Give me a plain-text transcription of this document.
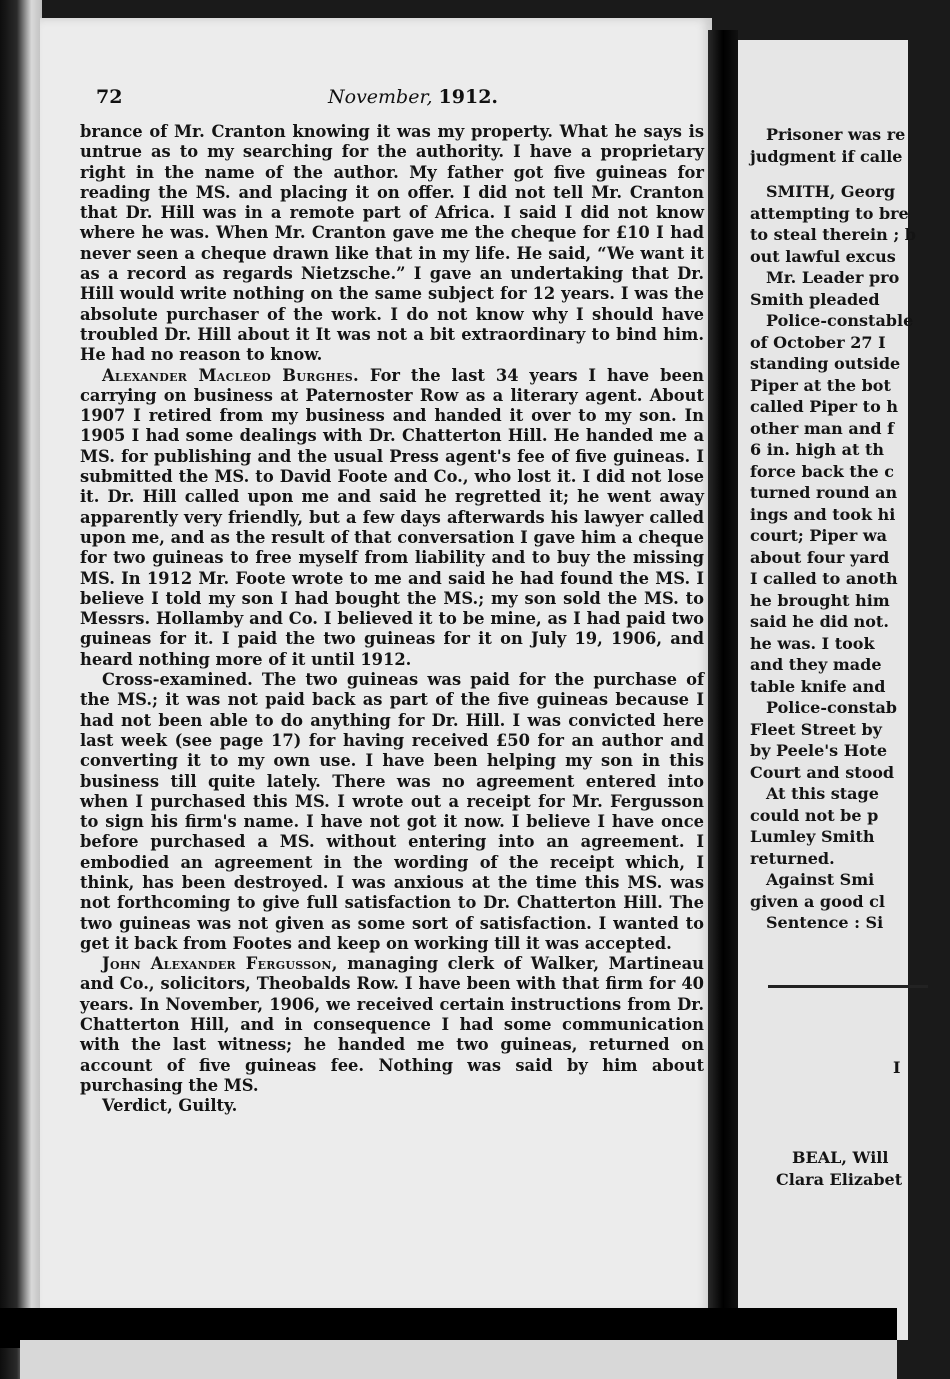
Prisoner was re
judgment if calle
SMITH, Georg
attempting to bre
to steal therein ; b
out lawful excus
Mr. Leader pro
Smith pleaded
Police-constable
of October 27 I
standing outside
Piper at the bot
called Piper to h
other man and f
6 in. high at th
force back the c
turned round an
ings and took hi
court; Piper wa
about four yard
I called to anoth
he brought him
said he did not.
he was. I took
and they made
table knife and
Police-constab
Fleet Street by
by Peele's Hote
Court and stood
At this stage
could not be p
Lumley Smith
returned.
Against Smi
given a good cl
Sentence : Si
I
BEAL, Will
Clara Elizabet
72	November, 1912.

brance of Mr. Cranton knowing it was my property. What he says is untrue as to my searching for the authority. I have a proprietary right in the name of the author. My father got five guineas for reading the MS. and placing it on offer. I did not tell Mr. Cranton that Dr. Hill was in a remote part of Africa. I said I did not know where he was. When Mr. Cranton gave me the cheque for £10 I had never seen a cheque drawn like that in my life. He said, “We want it as a record as regards Nietzsche.” I gave an undertaking that Dr. Hill would write nothing on the same subject for 12 years. I was the absolute purchaser of the work. I do not know why I should have troubled Dr. Hill about it It was not a bit extraordinary to bind him. He had no reason to know.

Alexander Macleod Burghes. For the last 34 years I have been carrying on business at Paternoster Row as a literary agent. About 1907 I retired from my business and handed it over to my son. In 1905 I had some dealings with Dr. Chatterton Hill. He handed me a MS. for publishing and the usual Press agent's fee of five guineas. I submitted the MS. to David Foote and Co., who lost it. I did not lose it. Dr. Hill called upon me and said he regretted it; he went away apparently very friendly, but a few days afterwards his lawyer called upon me, and as the result of that conversation I gave him a cheque for two guineas to free myself from liability and to buy the missing MS. In 1912 Mr. Foote wrote to me and said he had found the MS. I believe I told my son I had bought the MS.; my son sold the MS. to Messrs. Hollamby and Co. I believed it to be mine, as I had paid two guineas for it. I paid the two guineas for it on July 19, 1906, and heard nothing more of it until 1912.

Cross-examined. The two guineas was paid for the purchase of the MS.; it was not paid back as part of the five guineas because I had not been able to do anything for Dr. Hill. I was convicted here last week (see page 17) for having received £50 for an author and converting it to my own use. I have been helping my son in this business till quite lately. There was no agreement entered into when I purchased this MS. I wrote out a receipt for Mr. Fergusson to sign his firm's name. I have not got it now. I believe I have once before purchased a MS. without entering into an agreement. I embodied an agreement in the wording of the receipt which, I think, has been destroyed. I was anxious at the time this MS. was not forthcoming to give full satisfaction to Dr. Chatterton Hill. The two guineas was not given as some sort of satisfaction. I wanted to get it back from Footes and keep on working till it was accepted.

John Alexander Fergusson, managing clerk of Walker, Martineau and Co., solicitors, Theobalds Row. I have been with that firm for 40 years. In November, 1906, we received certain instructions from Dr. Chatterton Hill, and in consequence I had some communication with the last witness; he handed me two guineas, returned on account of five guineas fee. Nothing was said by him about purchasing the MS.

Verdict, Guilty.
